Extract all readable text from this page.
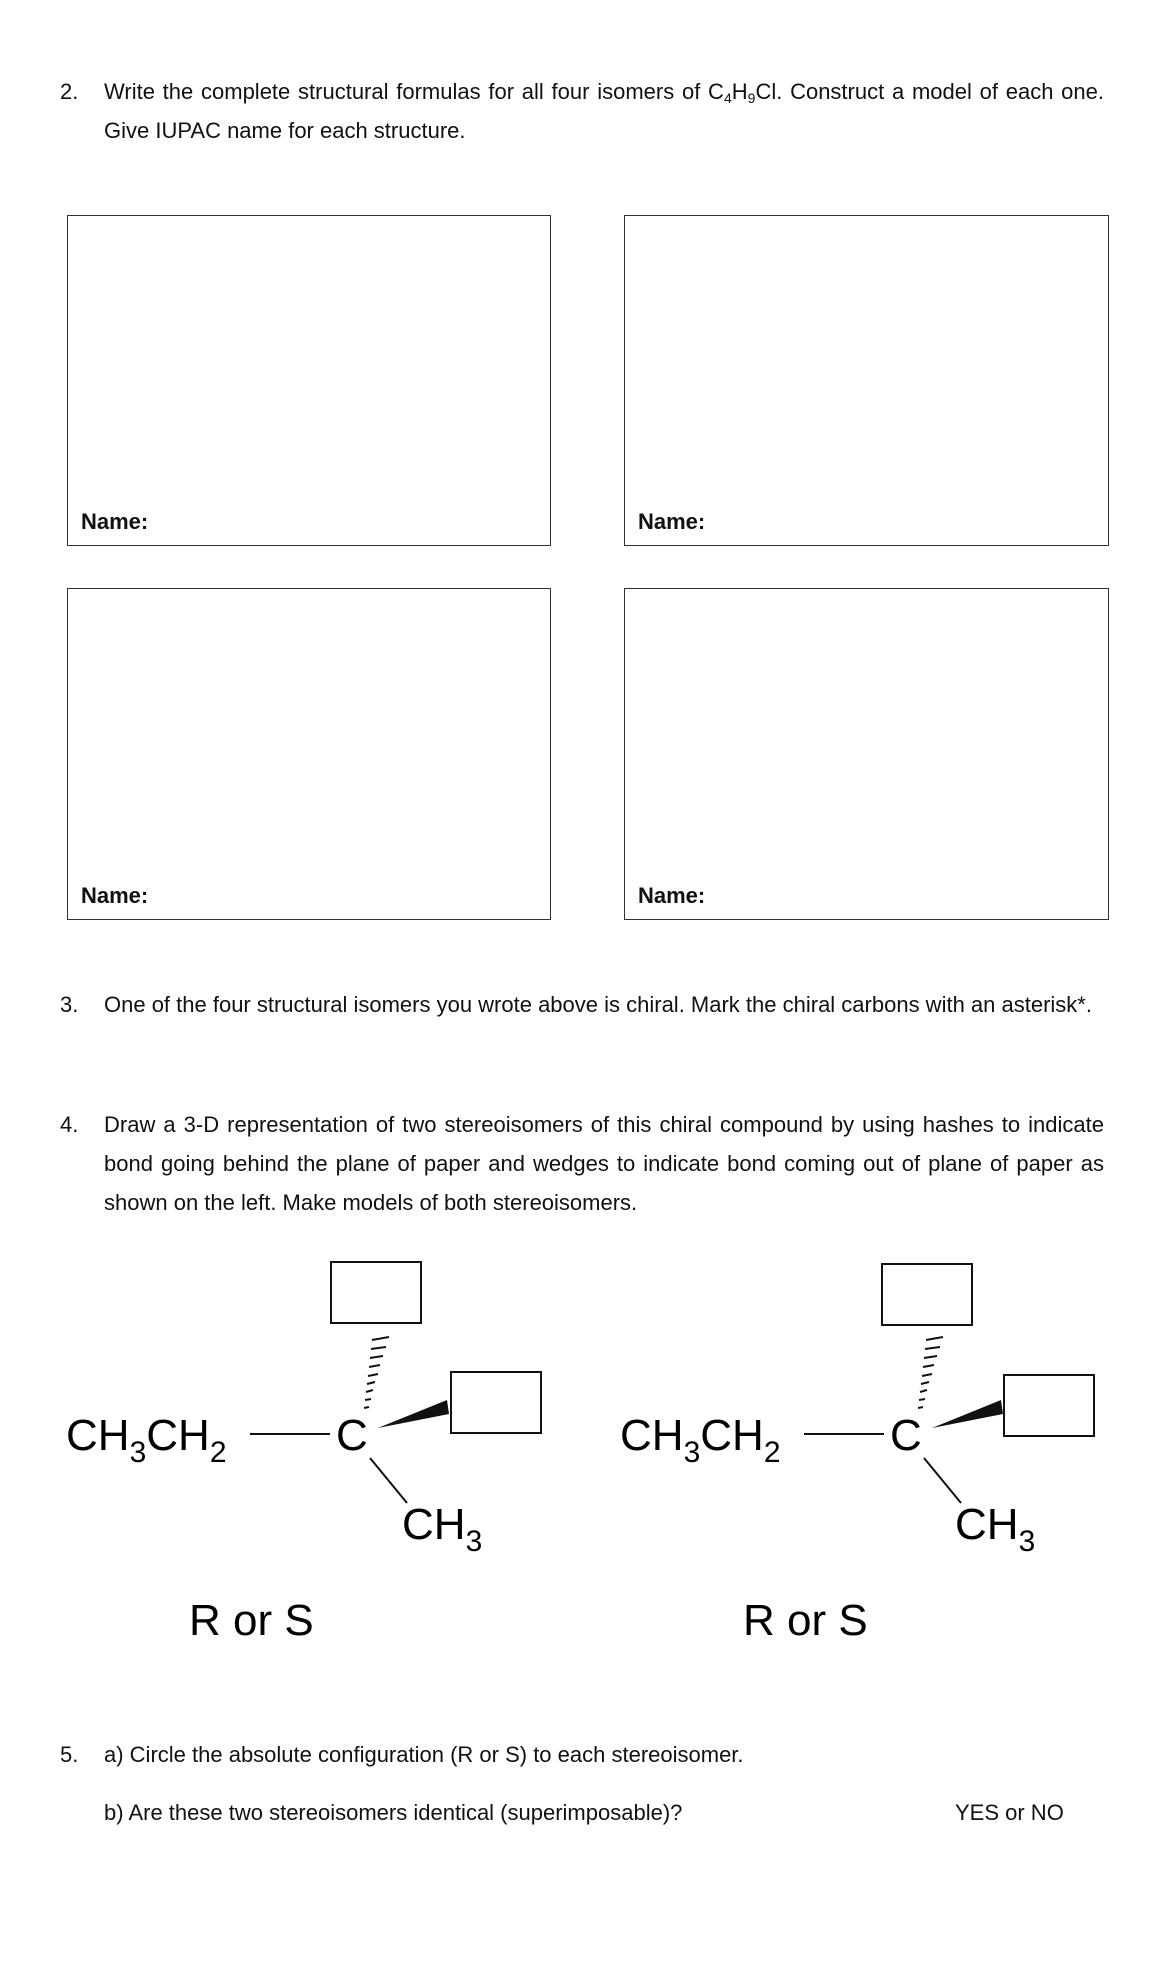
2.	Write the complete structural formulas for all four isomers of $C_4H_9Cl$. Construct a model of each one. Give IUPAC name for each structure.
Name:	Name:
Name:	Name:
3.	One of the four structural isomers you wrote above is chiral. Mark the chiral carbons with an asterisk*.
4.	Draw a 3-D representation of two stereoisomers of this chiral compound by using hashes to indicate bond going behind the plane of paper and wedges to indicate bond coming out of plane of paper as shown on the left. Make models of both stereoisomers.
$CH_3CH_2$ C
$CH_3$
R or S
$CH_3CH_2$ C
$CH_3$
R or S
5.	a) Circle the absolute configuration (R or S) to each stereoisomer.
b) Are these two stereoisomers identical (superimposable)?	YES or NO
